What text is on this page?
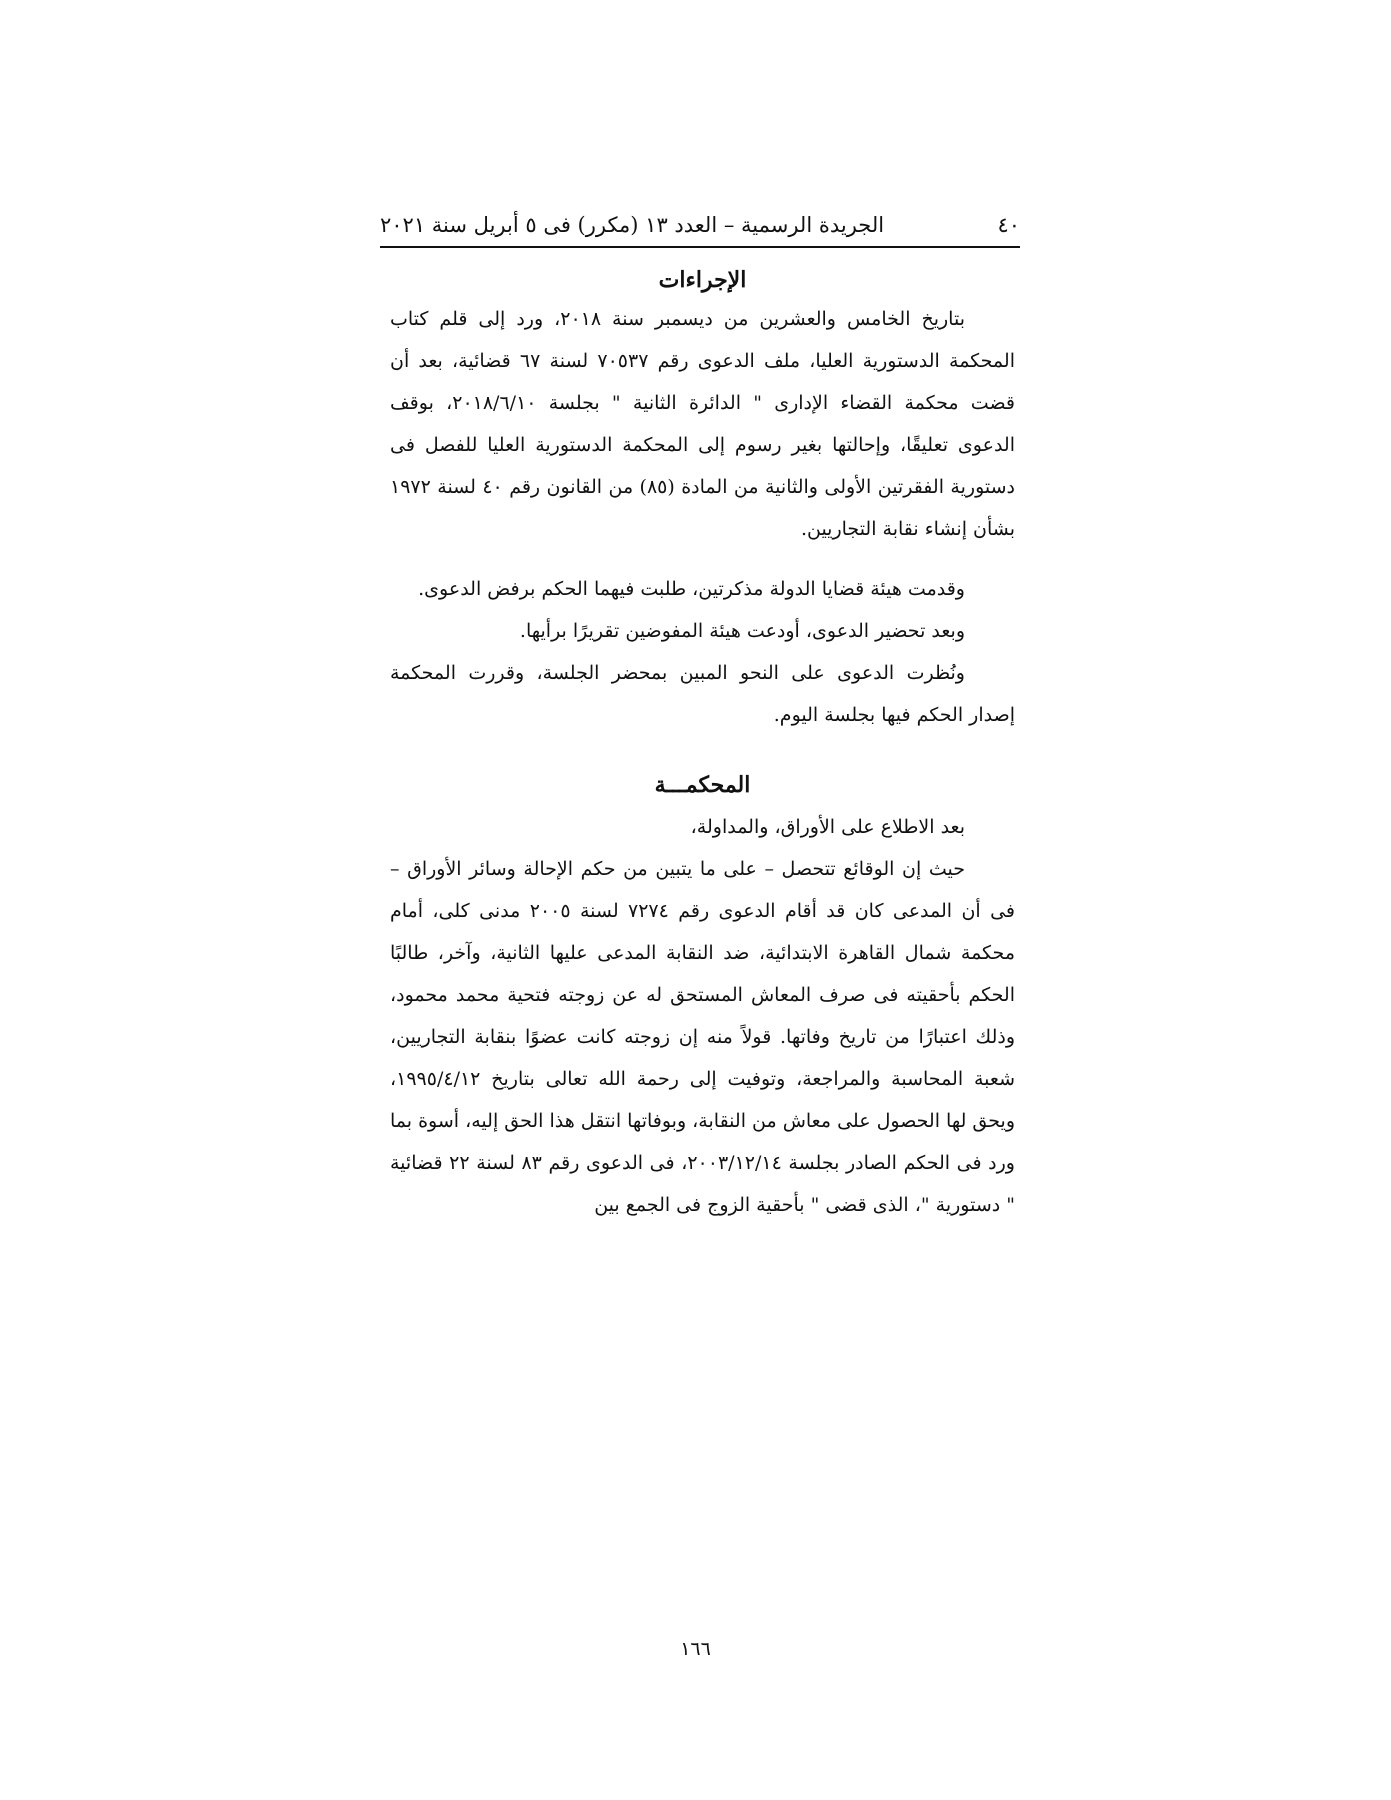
٤٠
الجريدة الرسمية – العدد ١٣ (مكرر) فى ٥ أبريل سنة ٢٠٢١
الإجراءات

بتاريخ الخامس والعشرين من ديسمبر سنة ٢٠١٨، ورد إلى قلم كتاب المحكمة الدستورية العليا، ملف الدعوى رقم ٧٠٥٣٧ لسنة ٦٧ قضائية، بعد أن قضت محكمة القضاء الإدارى " الدائرة الثانية " بجلسة ٢٠١٨/٦/١٠، بوقف الدعوى تعليقًا، وإحالتها بغير رسوم إلى المحكمة الدستورية العليا للفصل فى دستورية الفقرتين الأولى والثانية من المادة (٨٥) من القانون رقم ٤٠ لسنة ١٩٧٢ بشأن إنشاء نقابة التجاريين.

وقدمت هيئة قضايا الدولة مذكرتين، طلبت فيهما الحكم برفض الدعوى.

وبعد تحضير الدعوى، أودعت هيئة المفوضين تقريرًا برأيها.

ونُظرت الدعوى على النحو المبين بمحضر الجلسة، وقررت المحكمة إصدار الحكم فيها بجلسة اليوم.

المحكمـــة

بعد الاطلاع على الأوراق، والمداولة،

حيث إن الوقائع تتحصل – على ما يتبين من حكم الإحالة وسائر الأوراق – فى أن المدعى كان قد أقام الدعوى رقم ٧٢٧٤ لسنة ٢٠٠٥ مدنى كلى، أمام محكمة شمال القاهرة الابتدائية، ضد النقابة المدعى عليها الثانية، وآخر، طالبًا الحكم بأحقيته فى صرف المعاش المستحق له عن زوجته فتحية محمد محمود، وذلك اعتبارًا من تاريخ وفاتها. قولاً منه إن زوجته كانت عضوًا بنقابة التجاريين، شعبة المحاسبة والمراجعة، وتوفيت إلى رحمة الله تعالى بتاريخ ١٩٩٥/٤/١٢، ويحق لها الحصول على معاش من النقابة، وبوفاتها انتقل هذا الحق إليه، أسوة بما ورد فى الحكم الصادر بجلسة ٢٠٠٣/١٢/١٤، فى الدعوى رقم ٨٣ لسنة ٢٢ قضائية " دستورية "، الذى قضى " بأحقية الزوج فى الجمع بين

١٦٦
